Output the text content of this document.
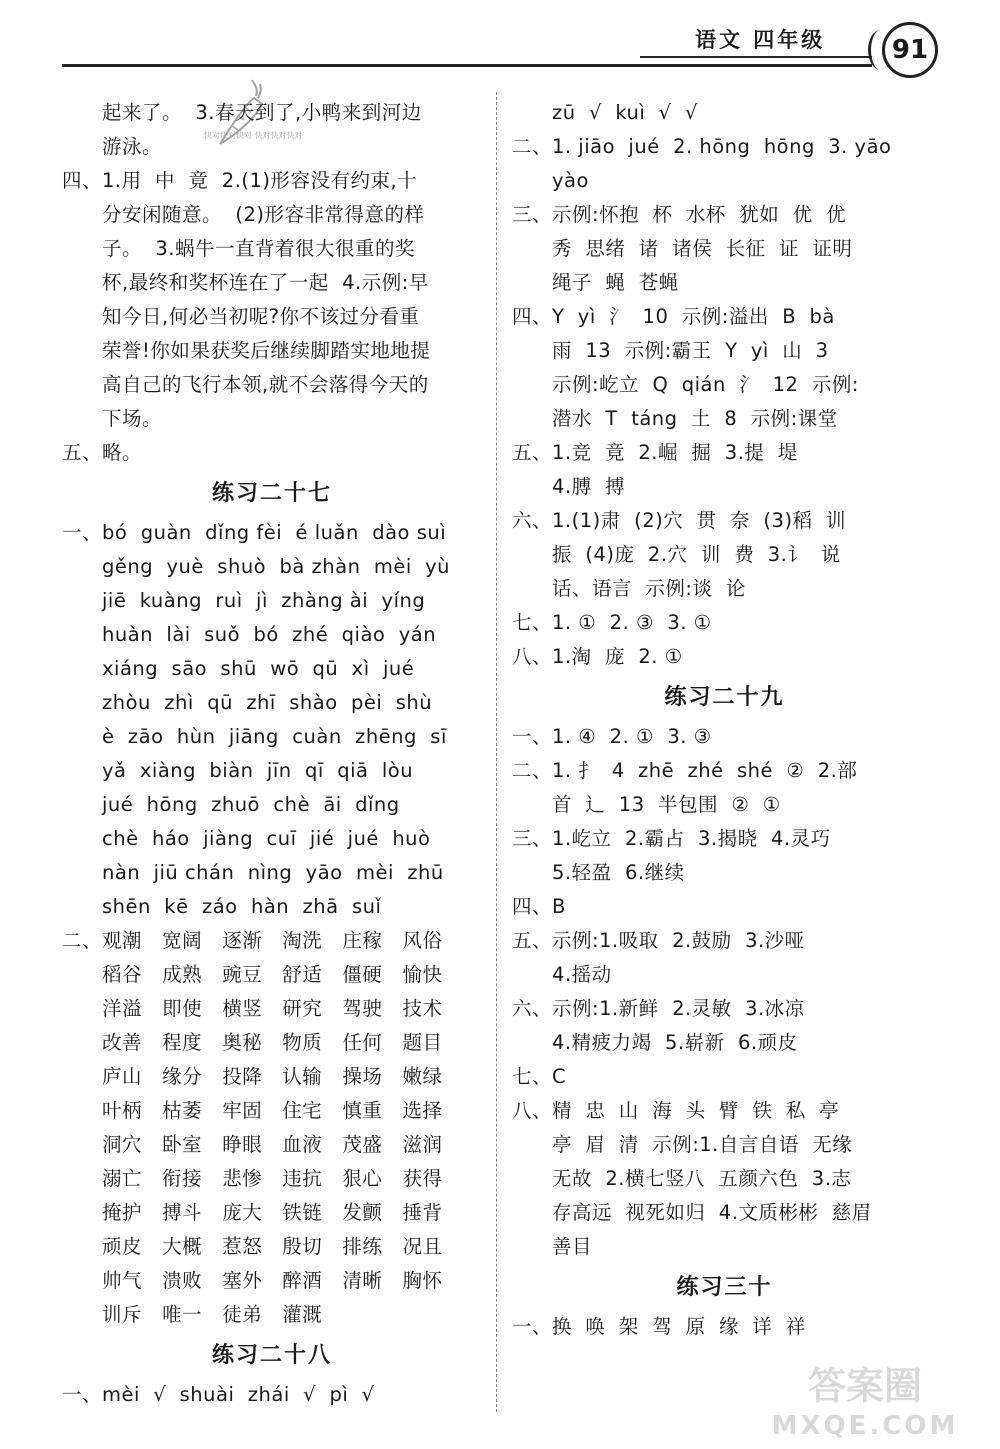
语文 四年级	91
快对快对快对 快对快对快对
起来了。  3.春天到了,小鸭来到河边
游泳。
四、1.用  中  竟  2.(1)形容没有约束,十
分安闲随意。  (2)形容非常得意的样
子。  3.蜗牛一直背着很大很重的奖
杯,最终和奖杯连在了一起  4.示例:早
知今日,何必当初呢?你不该过分看重
荣誉!你如果获奖后继续脚踏实地地提
高自己的飞行本领,就不会落得今天的
下场。
五、略。
练习二十七
一、bó  guàn  dǐng fèi  é luǎn  dào suì
gěng  yuè  shuò  bà zhàn  mèi  yù
jiē  kuàng  ruì  jì  zhàng ài  yíng
huàn  lài  suǒ  bó  zhé  qiào  yán
xiáng  sāo  shū  wō  qū  xì  jué
zhòu  zhì  qū  zhī  shào  pèi  shù
è  zāo  hùn  jiāng  cuàn  zhēng  sī
yǎ  xiàng  biàn  jīn  qī  qiā  lòu
jué  hōng  zhuō  chè  āi  dǐng
chè  háo  jiàng  cuī  jié  jué  huò
nàn  jiū chán  nìng  yāo  mèi  zhū
shēn  kē  záo  hàn  zhā  suǐ
二、观潮   宽阔   逐渐   淘洗   庄稼   风俗
稻谷   成熟   豌豆   舒适   僵硬   愉快
洋溢   即使   横竖   研究   驾驶   技术
改善   程度   奥秘   物质   任何   题目
庐山   缘分   投降   认输   操场   嫩绿
叶柄   枯萎   牢固   住宅   慎重   选择
洞穴   卧室   睁眼   血液   茂盛   滋润
溺亡   衔接   悲惨   违抗   狠心   获得
掩护   搏斗   庞大   铁链   发颤   捶背
顽皮   大概   惹怒   殷切   排练   况且
帅气   溃败   塞外   醉酒   清晰   胸怀
训斥   唯一   徒弟   灌溉
练习二十八
一、mèi  √  shuài  zhái  √  pì  √
zū  √  kuì  √  √
二、1. jiāo  jué  2. hōng  hōng  3. yāo
yào
三、示例:怀抱  杯  水杯  犹如  优  优
秀  思绪  诸  诸侯  长征  证  证明
绳子  蝇  苍蝇
四、Y  yì  氵  10  示例:溢出  B  bà
雨  13  示例:霸王  Y  yì  山  3
示例:屹立  Q  qián  氵  12  示例:
潜水  T  táng  土  8  示例:课堂
五、1.竞  竟  2.崛  掘  3.提  堤
4.膊  搏
六、1.(1)肃  (2)穴  贯  奈  (3)稻  训
振  (4)庞  2.穴  训  费  3.讠  说
话、语言  示例:谈  论
七、1. ①  2. ③  3. ①
八、1.淘  庞  2. ①
练习二十九
一、1. ④  2. ①  3. ③
二、1. 扌  4  zhē  zhé  shé  ②  2.部
首  辶  13  半包围  ②  ①
三、1.屹立  2.霸占  3.揭晓  4.灵巧
5.轻盈  6.继续
四、B
五、示例:1.吸取  2.鼓励  3.沙哑
4.摇动
六、示例:1.新鲜  2.灵敏  3.冰凉
4.精疲力竭  5.崭新  6.顽皮
七、C
八、精  忠  山  海  头  臂  铁  私  亭
亭  眉  清  示例:1.自言自语  无缘
无故  2.横七竖八  五颜六色  3.志
存高远  视死如归  4.文质彬彬  慈眉
善目
练习三十
一、换  唤  架  驾  原  缘  详  祥
答案圈
MXQE.COM
